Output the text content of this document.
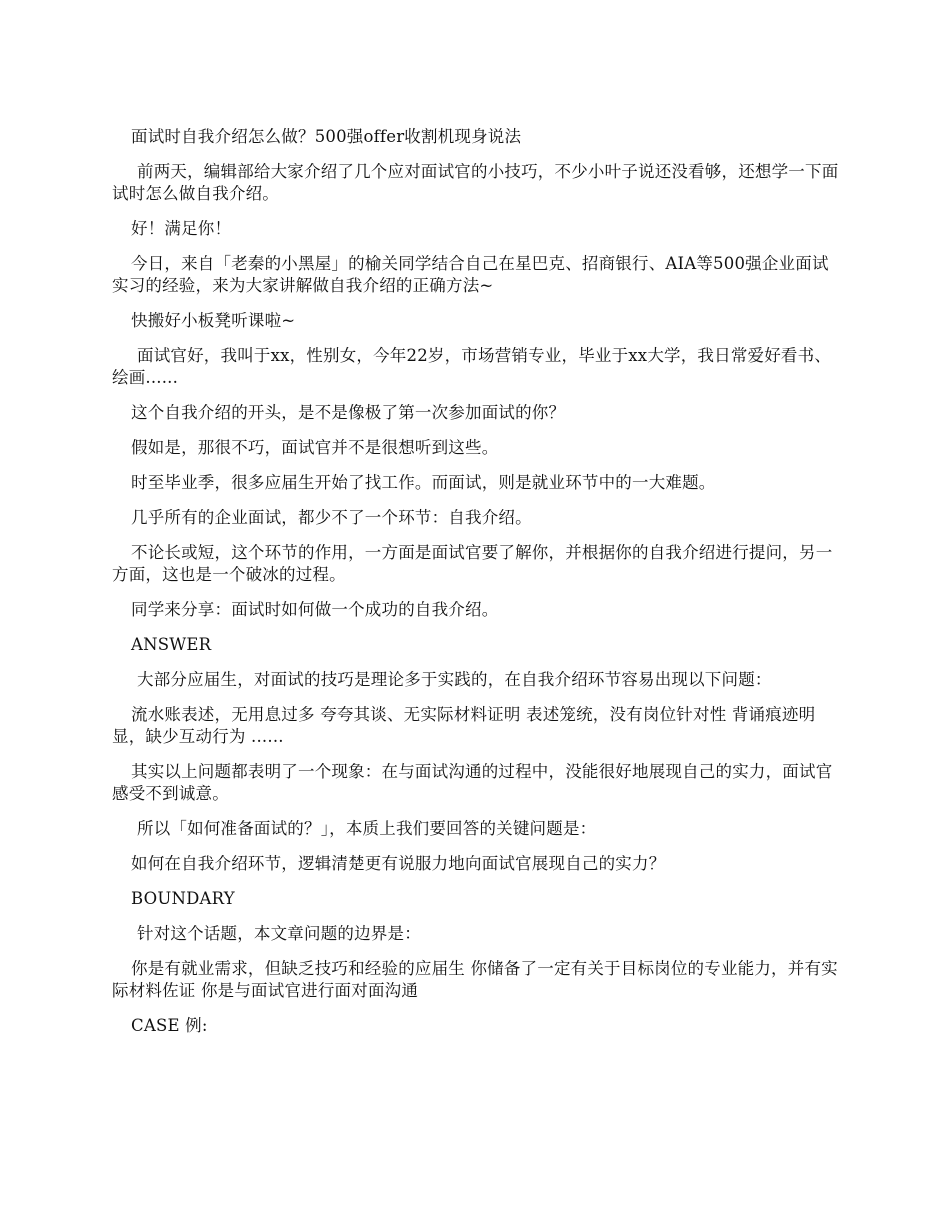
面试时自我介绍怎么做？500强offer收割机现身说法

前两天，编辑部给大家介绍了几个应对面试官的小技巧，不少小叶子说还没看够，还想学一下面试时怎么做自我介绍。

好！满足你！

今日，来自「老秦的小黑屋」的榆关同学结合自己在星巴克、招商银行、AIA等500强企业面试实习的经验，来为大家讲解做自我介绍的正确方法~

快搬好小板凳听课啦~

面试官好，我叫于xx，性别女，今年22岁，市场营销专业，毕业于xx大学，我日常爱好看书、绘画......

这个自我介绍的开头，是不是像极了第一次参加面试的你？

假如是，那很不巧，面试官并不是很想听到这些。

时至毕业季，很多应届生开始了找工作。而面试，则是就业环节中的一大难题。

几乎所有的企业面试，都少不了一个环节：自我介绍。

不论长或短，这个环节的作用，一方面是面试官要了解你，并根据你的自我介绍进行提问，另一方面，这也是一个破冰的过程。

同学来分享：面试时如何做一个成功的自我介绍。

ANSWER

大部分应届生，对面试的技巧是理论多于实践的，在自我介绍环节容易出现以下问题：

流水账表述，无用息过多 夸夸其谈、无实际材料证明 表述笼统，没有岗位针对性 背诵痕迹明显，缺少互动行为 ......

其实以上问题都表明了一个现象：在与面试沟通的过程中，没能很好地展现自己的实力，面试官感受不到诚意。

所以「如何准备面试的？」，本质上我们要回答的关键问题是：

如何在自我介绍环节，逻辑清楚更有说服力地向面试官展现自己的实力？

BOUNDARY

针对这个话题，本文章问题的边界是：

你是有就业需求，但缺乏技巧和经验的应届生 你储备了一定有关于目标岗位的专业能力，并有实际材料佐证 你是与面试官进行面对面沟通

CASE 例:
